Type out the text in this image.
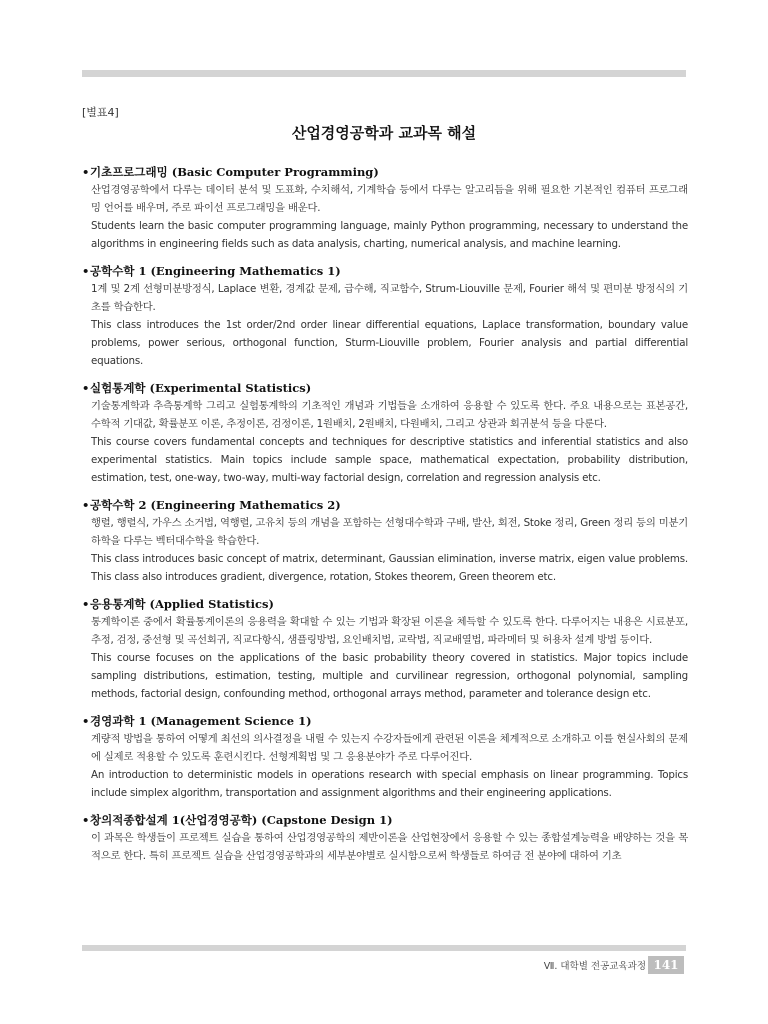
[별표4]
산업경영공학과 교과목 해설
•기초프로그래밍 (Basic Computer Programming)

산업경영공학에서 다루는 데이터 분석 및 도표화, 수치해석, 기계학습 등에서 다루는 알고리듬을 위해 필요한 기본적인 컴퓨터 프로그래밍 언어를 배우며, 주로 파이선 프로그래밍을 배운다.

Students learn the basic computer programming language, mainly Python programming, necessary to understand the algorithms in engineering fields such as data analysis, charting, numerical analysis, and machine learning.

•공학수학 1 (Engineering Mathematics 1)

1계 및 2계 선형미분방정식, Laplace 변환, 경계값 문제, 급수해, 직교함수, Strum-Liouville 문제, Fourier 해석 및 편미분 방정식의 기초를 학습한다.

This class introduces the 1st order/2nd order linear differential equations, Laplace transformation, boundary value problems, power serious, orthogonal function, Sturm-Liouville problem, Fourier analysis and partial differential equations.

•실험통계학 (Experimental Statistics)

기술통계학과 추측통계학 그리고 실험통계학의 기초적인 개념과 기법들을 소개하여 응용할 수 있도록 한다. 주요 내용으로는 표본공간, 수학적 기대값, 확률분포 이론, 추정이론, 검정이론, 1원배치, 2원배치, 다원배치, 그리고 상관과 회귀분석 등을 다룬다.

This course covers fundamental concepts and techniques for descriptive statistics and inferential statistics and also experimental statistics. Main topics include sample space, mathematical expectation, probability distribution, estimation, test, one-way, two-way, multi-way factorial design, correlation and regression analysis etc.

•공학수학 2 (Engineering Mathematics 2)

행렬, 행렬식, 가우스 소거법, 역행렬, 고유치 등의 개념을 포함하는 선형대수학과 구배, 발산, 회전, Stoke 정리, Green 정리 등의 미분기하학을 다루는 벡터대수학을 학습한다.

This class introduces basic concept of matrix, determinant, Gaussian elimination, inverse matrix, eigen value problems. This class also introduces gradient, divergence, rotation, Stokes theorem, Green theorem etc.

•응용통계학 (Applied Statistics)

통계학이론 중에서 확률통계이론의 응용력을 확대할 수 있는 기법과 확장된 이론을 체득할 수 있도록 한다. 다루어지는 내용은 시료분포, 추정, 검정, 중선형 및 곡선회귀, 직교다항식, 샘플링방법, 요인배치법, 교락법, 직교배열법, 파라메터 및 허용차 설계 방법 등이다.

This course focuses on the applications of the basic probability theory covered in statistics. Major topics include sampling distributions, estimation, testing, multiple and curvilinear regression, orthogonal polynomial, sampling methods, factorial design, confounding method, orthogonal arrays method, parameter and tolerance design etc.

•경영과학 1 (Management Science 1)

계량적 방법을 통하여 어떻게 최선의 의사결정을 내릴 수 있는지 수강자들에게 관련된 이론을 체계적으로 소개하고 이를 현실사회의 문제에 실제로 적용할 수 있도록 훈련시킨다. 선형계획법 및 그 응용분야가 주로 다루어진다.

An introduction to deterministic models in operations research with special emphasis on linear programming. Topics include simplex algorithm, transportation and assignment algorithms and their engineering applications.

•창의적종합설계 1(산업경영공학) (Capstone Design 1)

이 과목은 학생들이 프로젝트 실습을 통하여 산업경영공학의 제반이론을 산업현장에서 응용할 수 있는 종합설계능력을 배양하는 것을 목적으로 한다. 특히 프로젝트 실습을 산업경영공학과의 세부분야별로 실시함으로써 학생들로 하여금 전 분야에 대하여 기초

Ⅶ. 대학별 전공교육과정 141
